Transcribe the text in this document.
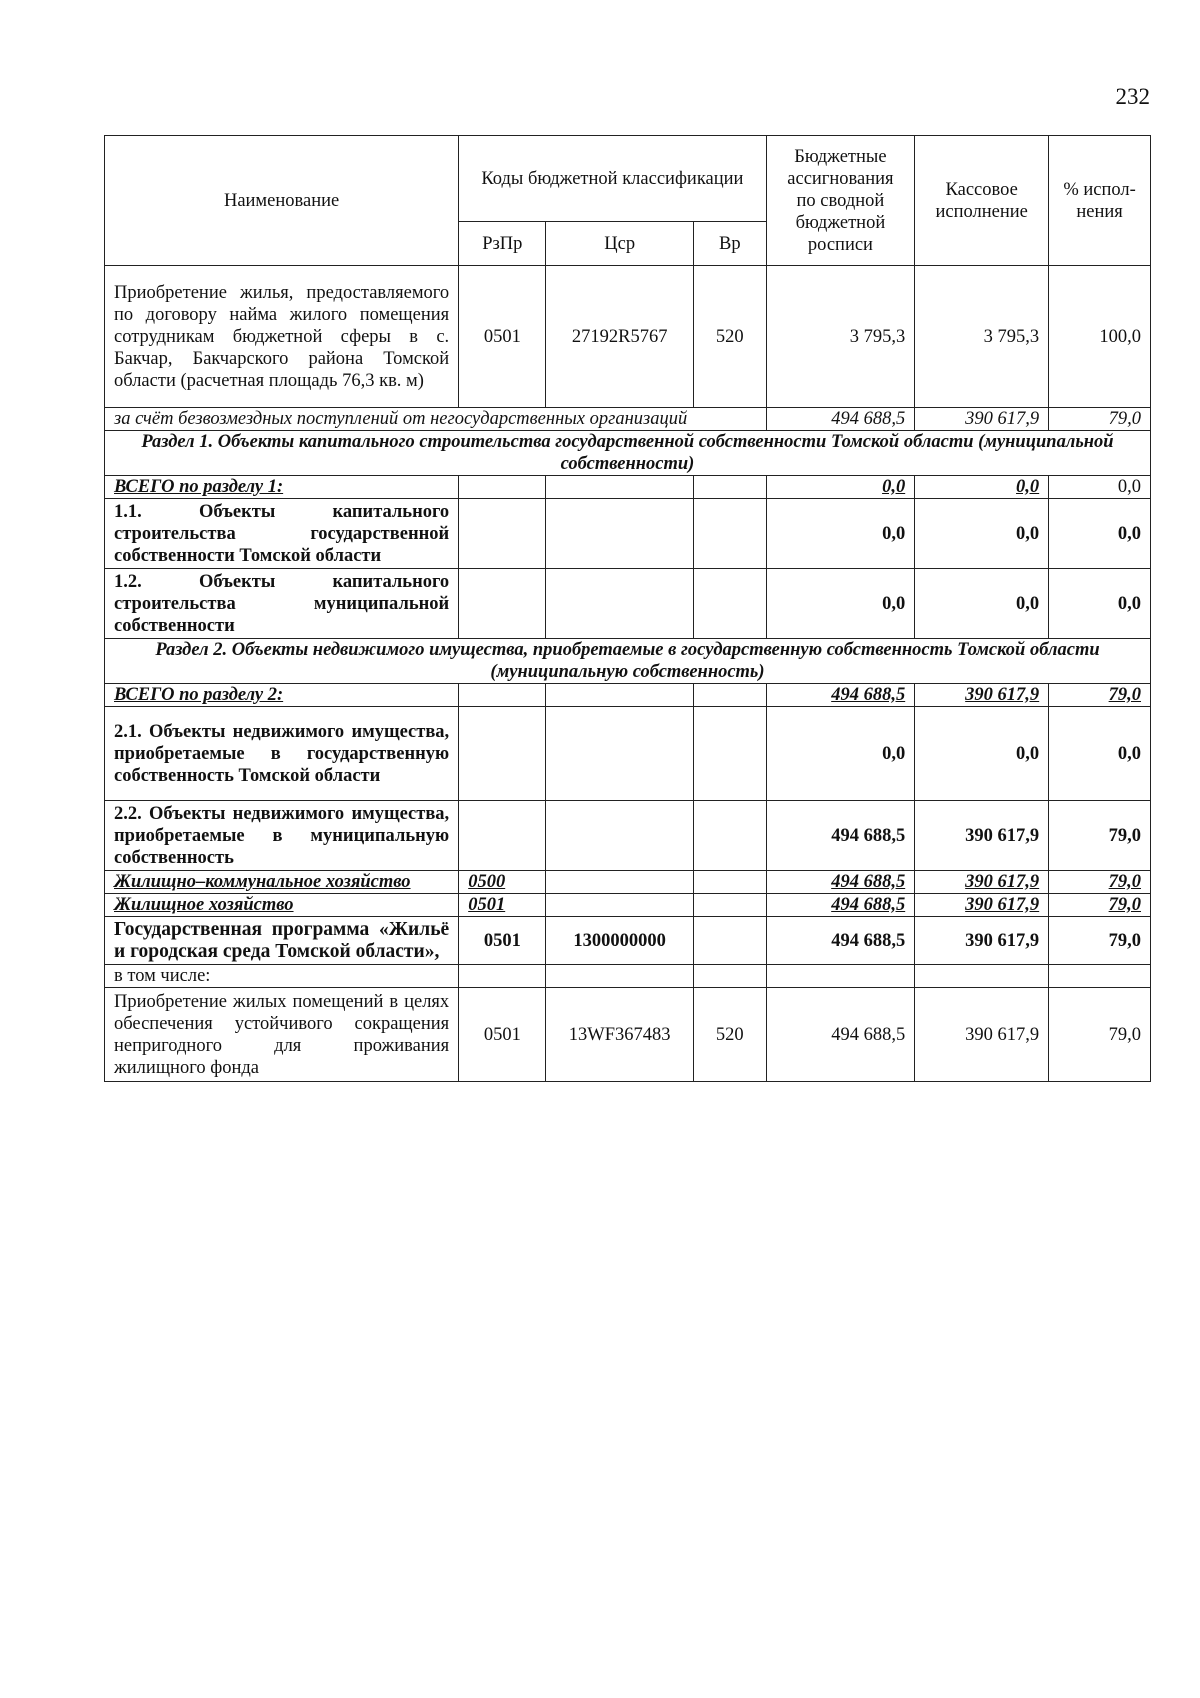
232
Наименование	Коды бюджетной классификации			Бюджетные ассигнования по сводной бюджетной росписи	Кассовое исполнение	% испол-нения
	РзПр	Цср	Вр			
Приобретение жилья, предоставляемого по договору найма жилого помещения сотрудникам бюджетной сферы в с. Бакчар, Бакчарского района Томской области (расчетная площадь 76,3 кв. м)	0501	27192R5767	520	3 795,3	3 795,3	100,0
за счёт безвозмездных поступлений от негосударственных организаций				494 688,5	390 617,9	79,0
Раздел 1. Объекты капитального строительства государственной собственности Томской области (муниципальной собственности)						
ВСЕГО по разделу 1:				0,0	0,0	0,0
1.1. Объекты капитального строительства государственной собственности Томской области				0,0	0,0	0,0
1.2. Объекты капитального строительства муниципальной собственности				0,0	0,0	0,0
Раздел 2. Объекты недвижимого имущества, приобретаемые в государственную собственность Томской области (муниципальную собственность)						
ВСЕГО по разделу 2:				494 688,5	390 617,9	79,0
2.1. Объекты недвижимого имущества, приобретаемые в государственную собственность Томской области				0,0	0,0	0,0
2.2. Объекты недвижимого имущества, приобретаемые в муниципальную собственность				494 688,5	390 617,9	79,0
Жилищно–коммунальное хозяйство	0500			494 688,5	390 617,9	79,0
Жилищное хозяйство	0501			494 688,5	390 617,9	79,0
Государственная программа «Жильё и городская среда Томской области»,	0501	1300000000		494 688,5	390 617,9	79,0
в том числе:						
Приобретение жилых помещений в целях обеспечения устойчивого сокращения непригодного для проживания жилищного фонда	0501	13WF367483	520	494 688,5	390 617,9	79,0
